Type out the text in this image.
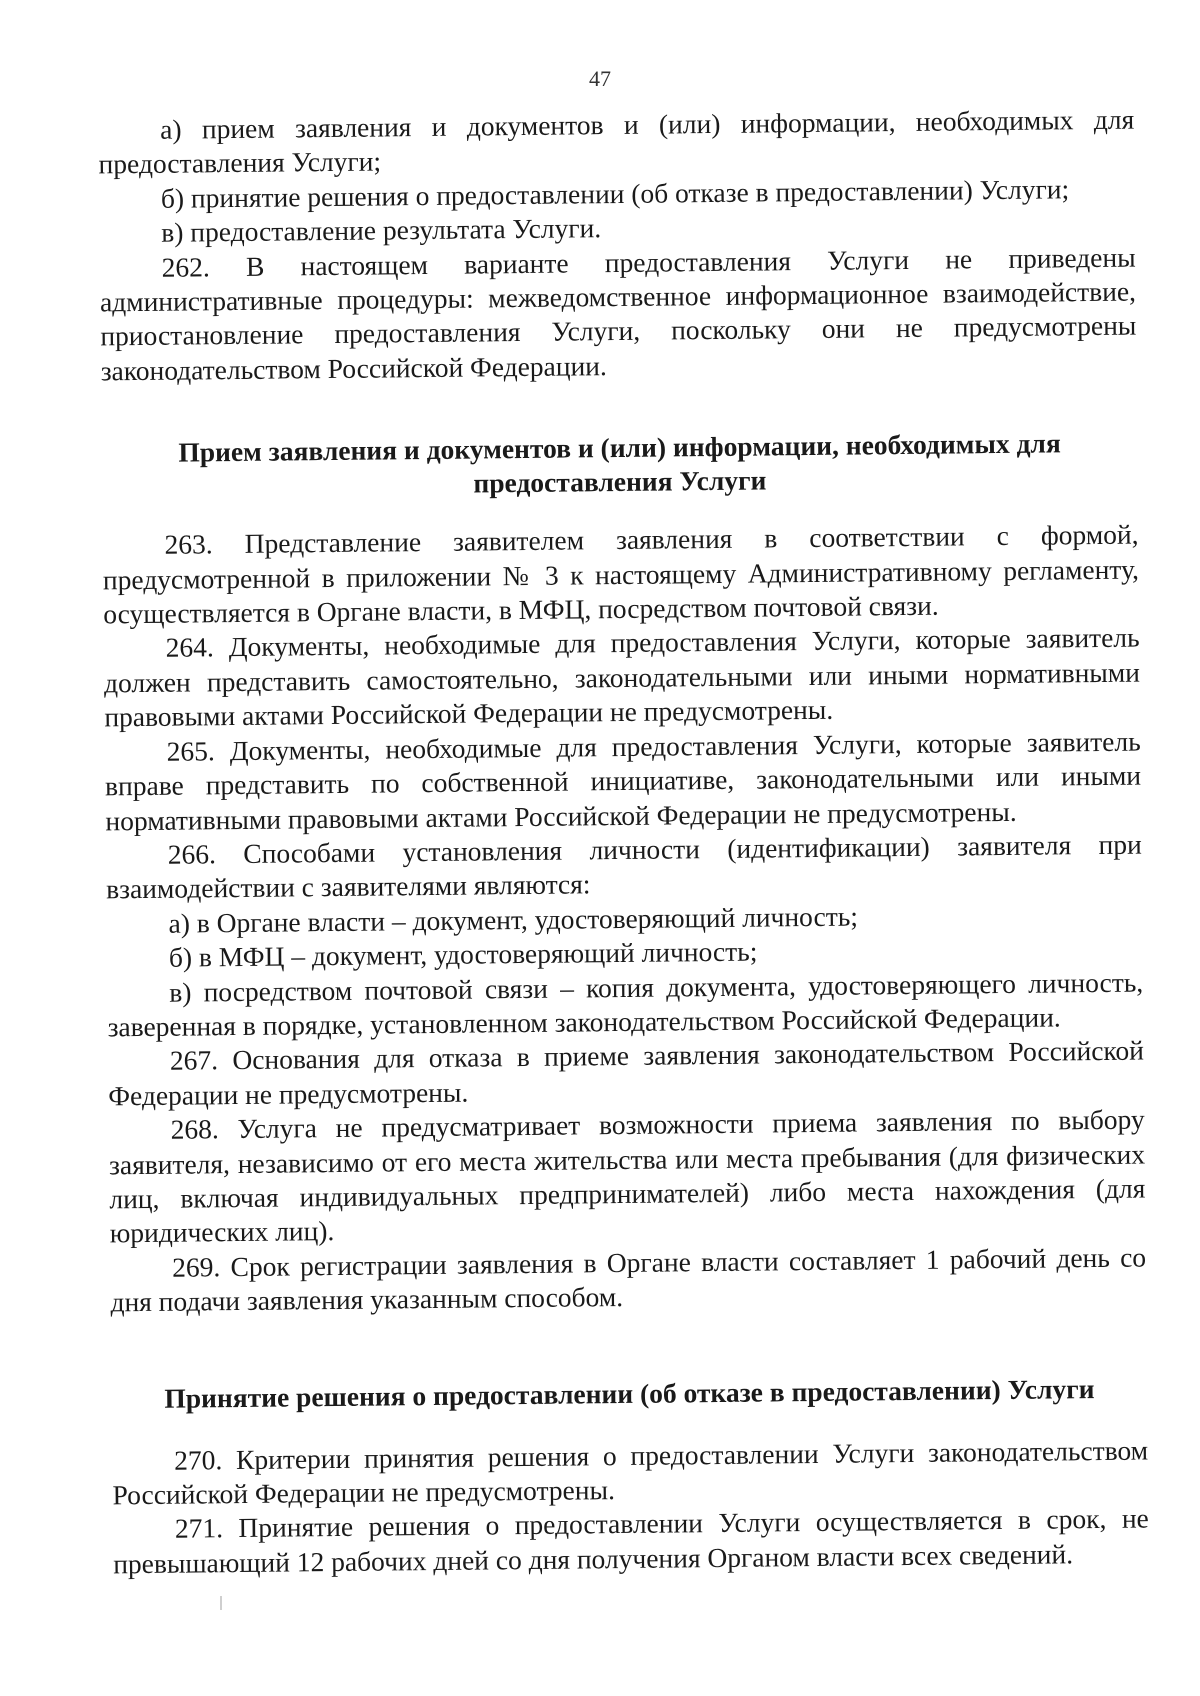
47

а) прием заявления и документов и (или) информации, необходимых для предоставления Услуги;

б) принятие решения о предоставлении (об отказе в предоставлении) Услуги;

в) предоставление результата Услуги.

262. В настоящем варианте предоставления Услуги не приведены административные процедуры: межведомственное информационное взаимодействие, приостановление предоставления Услуги, поскольку они не предусмотрены законодательством Российской Федерации.

Прием заявления и документов и (или) информации, необходимых для предоставления Услуги

263. Представление заявителем заявления в соответствии с формой, предусмотренной в приложении № 3 к настоящему Административному регламенту, осуществляется в Органе власти, в МФЦ, посредством почтовой связи.

264. Документы, необходимые для предоставления Услуги, которые заявитель должен представить самостоятельно, законодательными или иными нормативными правовыми актами Российской Федерации не предусмотрены.

265. Документы, необходимые для предоставления Услуги, которые заявитель вправе представить по собственной инициативе, законодательными или иными нормативными правовыми актами Российской Федерации не предусмотрены.

266. Способами установления личности (идентификации) заявителя при взаимодействии с заявителями являются:

а) в Органе власти – документ, удостоверяющий личность;

б) в МФЦ – документ, удостоверяющий личность;

в) посредством почтовой связи – копия документа, удостоверяющего личность, заверенная в порядке, установленном законодательством Российской Федерации.

267. Основания для отказа в приеме заявления законодательством Российской Федерации не предусмотрены.

268. Услуга не предусматривает возможности приема заявления по выбору заявителя, независимо от его места жительства или места пребывания (для физических лиц, включая индивидуальных предпринимателей) либо места нахождения (для юридических лиц).

269. Срок регистрации заявления в Органе власти составляет 1 рабочий день со дня подачи заявления указанным способом.

Принятие решения о предоставлении (об отказе в предоставлении) Услуги

270. Критерии принятия решения о предоставлении Услуги законодательством Российской Федерации не предусмотрены.

271. Принятие решения о предоставлении Услуги осуществляется в срок, не превышающий 12 рабочих дней со дня получения Органом власти всех сведений.
